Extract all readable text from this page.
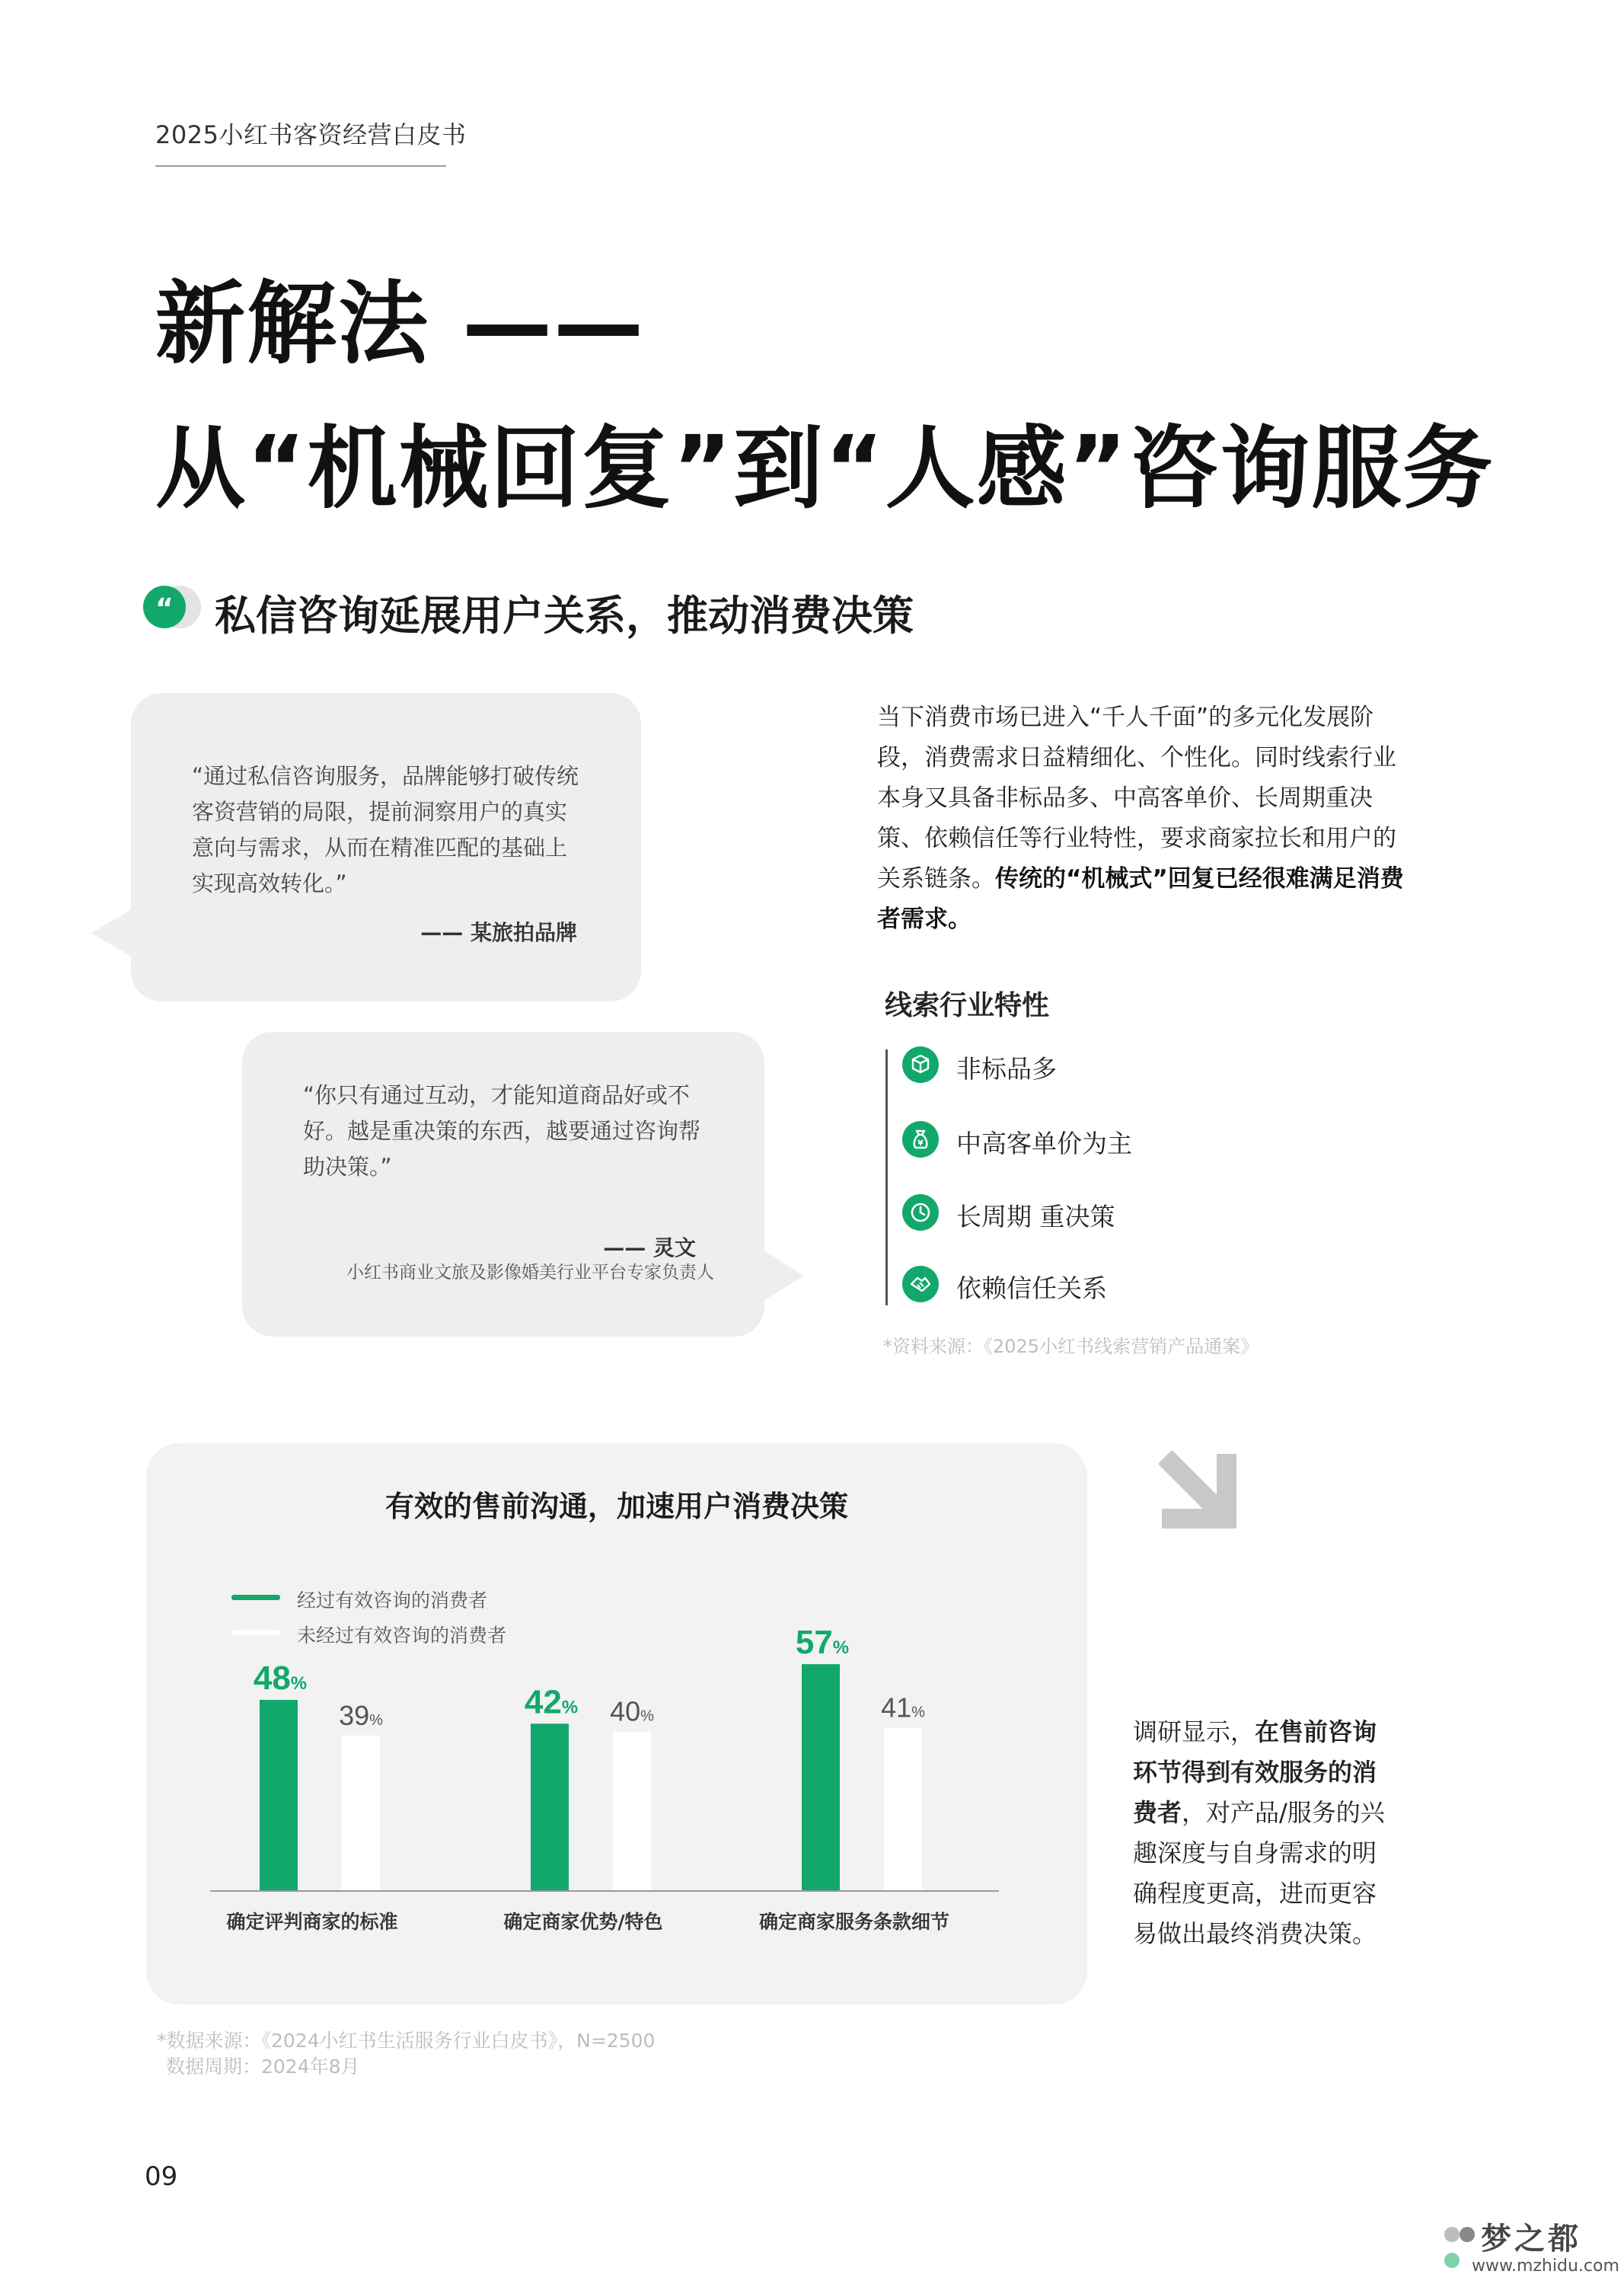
2025小红书客资经营白皮书
新解法 ——
从“机械回复”到“人感”咨询服务
“ 私信咨询延展用户关系，推动消费决策
“通过私信咨询服务，品牌能够打破传统客资营销的局限，提前洞察用户的真实意向与需求，从而在精准匹配的基础上实现高效转化。”
—— 某旅拍品牌
“你只有通过互动，才能知道商品好或不好。越是重决策的东西，越要通过咨询帮助决策。”
—— 灵文
小红书商业文旅及影像婚美行业平台专家负责人
当下消费市场已进入“千人千面”的多元化发展阶段，消费需求日益精细化、个性化。同时线索行业本身又具备非标品多、中高客单价、长周期重决策、依赖信任等行业特性，要求商家拉长和用户的关系链条。传统的“机械式”回复已经很难满足消费者需求。
线索行业特性
非标品多
中高客单价为主
长周期 重决策
依赖信任关系
*资料来源：《2025小红书线索营销产品通案》
有效的售前沟通，加速用户消费决策
经过有效咨询的消费者
未经过有效咨询的消费者
48%
39%
确定评判商家的标准
42% 40%
确定商家优势/特色
57%
41%
确定商家服务条款细节
调研显示，在售前咨询环节得到有效服务的消费者，对产品/服务的兴趣深度与自身需求的明确程度更高，进而更容易做出最终消费决策。
*数据来源：《2024小红书生活服务行业白皮书》，N=2500
数据周期：2024年8月
09
梦之都
www.mzhidu.com
